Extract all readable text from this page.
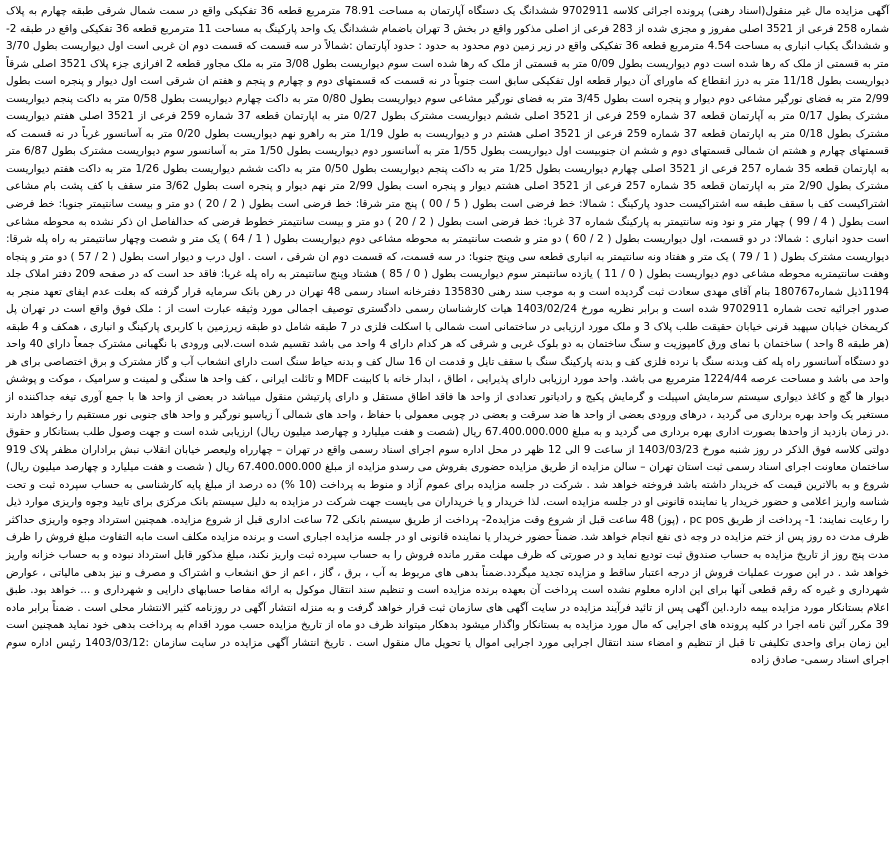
آگهی مزایده مال غیر منقول(اسناد رهنی) پرونده اجرائی کلاسه 9702911 ششدانگ یک دستگاه آپارتمان به مساحت 78.91 مترمربع قطعه 36 تفکیکی واقع در سمت شمال شرقی طبقه چهارم به پلاک شماره 258 فرعی از 3521 اصلی مفروز و مجزی شده از 283 فرعی از اصلی مذکور واقع در بخش 3 تهران باضمام ششدانگ یک واحد پارکینگ به مساحت 11 مترمربع قطعه 36 تفکیکی واقع در طبقه 2- و ششدانگ یکباب انباری به مساحت 4.54 مترمربع قطعه 36 تفکیکی واقع در زیر زمین دوم محدود به حدود : حدود آپارتمان :شمالاً در سه قسمت که قسمت دوم ان غربی است اول دیواریست بطول 3/70 متر به قسمتی از ملک که رها شده است دوم دیواریست بطول 0/09 متر به قسمتی از ملک که رها شده است سوم دیواریست بطول 3/08 متر به ملک مجاور قطعه 2 افرازی جزء پلاک 3521 اصلی شرقاً دیواریست بطول 11/18 متر به درز انقطاع که ماورای آن دیوار قطعه اول تفکیکی سابق است جنوباً در نه قسمت که قسمتهای دوم و چهارم و پنجم و هفتم ان شرقی است اول دیوار و پنجره است بطول 2/99 متر به فضای نورگیر مشاعی دوم دیوار و پنجره است بطول 3/45 متر به فضای نورگیر مشاعی سوم دیواریست بطول 0/80 متر به داکت چهارم دیواریست بطول 0/58 متر به داکت پنجم دیواریست مشترک بطول 0/17 متر به آپارتمان قطعه 37 شماره 259 فرعی از 3521 اصلی ششم دیواریست مشترک بطول 0/27 متر به اپارتمان قطعه 37 شماره 259 فرعی از 3521 اصلی هفتم دیواریست مشترک بطول 0/18 متر به اپارتمان قطعه 37 شماره 259 فرعی از 3521 اصلی هشتم در و دیواریست به طول 1/19 متر به راهرو نهم دیواریست بطول 0/20 متر به آسانسور غرباً در نه قسمت که قسمتهای چهارم و هشتم ان شمالی قسمتهای دوم و ششم ان جنوبیست اول دیواریست بطول 1/55 متر به آسانسور دوم دیواریست بطول 1/50 متر به آسانسور سوم دیواریست مشترک بطول 6/87 متر به اپارتمان قطعه 35 شماره 257 فرعی از 3521 اصلی چهارم دیواریست بطول 1/25 متر به داکت پنجم دیواریست بطول 0/50 متر به داکت ششم دیواریست بطول 1/26 متر به داکت هفتم دیواریست مشترک بطول 2/90 متر به اپارتمان قطعه 35 شماره 257 فرعی از 3521 اصلی هشتم دیوار و پنجره است بطول 2/99 متر نهم دیوار و پنجره است بطول 3/62 متر سقف با کف پشت بام مشاعی اشتراکیست کف با سقف طبقه سه اشتراکیست حدود پارکینگ : شمالا: خط فرضی است بطول ( 5 / 00 ) پنج متر شرقا: خط فرضی است بطول ( 2 / 20 ) دو متر و بیست سانتیمتر جنوبا: خط فرضی است بطول ( 4 / 99 ) چهار متر و نود ونه سانتیمتر به پارکینگ شماره 37 غربا: خط فرضی است بطول ( 2 / 20 ) دو متر و بیست سانتیمتر خطوط فرضی که حدالفاصل ان ذکر نشده به محوطه مشاعی است حدود انباری : شمالا: در دو قسمت، اول دیواریست بطول ( 2 / 60 ) دو متر و شصت سانتیمتر به محوطه مشاعی دوم دیواریست بطول ( 1 / 64 ) یک متر و شصت وچهار سانتیمتر به راه پله شرقا: دیواریست مشترک بطول ( 1 / 79 ) یک متر و هفتاد ونه سانتیمتر به انباری قطعه سی وپنج جنوبا: در سه قسمت، که قسمت دوم ان شرقی ، است . اول درب و دیوار است بطول ( 2 / 57 ) دو متر و پنجاه وهفت سانتیمتربه محوطه مشاعی دوم دیواریست بطول ( 0 / 11 ) یازده سانتیمتر سوم دیواریست بطول ( 0 / 85 ) هشتاد وپنج سانتیمتر به راه پله غربا: فاقد حد است که در صفحه 209 دفتر املاک جلد 1194ذیل شماره180767 بنام آقای مهدی سعادت ثبت گردیده است و به موجب سند رهنی 135830 دفترخانه اسناد رسمی 48 تهران در رهن بانک سرمایه قرار گرفته که بعلت عدم ایفای تعهد منجر به صدور اجرائیه تحت شماره 9702911 شده است و برابر نظریه مورخ 1403/02/24 هیات کارشناسان رسمی دادگستری توصیف اجمالی مورد وثیقه عبارت است از : ملک فوق واقع است در تهران پل کریمخان خیابان سپهبد قرنی خیابان حقیقت طلب پلاک 3 و ملک مورد ارزیابی در ساختمانی است شمالی با اسکلت فلزی در 7 طبقه شامل دو طبقه زیرزمین با کاربری پارکینگ و انباری ، همکف و 4 طبقه (هر طبقه 8 واحد ) ساختمان با نمای ورق کامپوزیت و سنگ ساختمان به دو بلوک غربی و شرقی که هر کدام دارای 4 واحد می باشد تقسیم شده است.لابی ورودی با نگهبانی مشترک جمعاً دارای 40 واحد دو دستگاه آسانسور راه پله کف وبدنه سنگ با نرده فلزی کف و بدنه پارکینگ سنگ با سقف تایل و قدمت ان 16 سال کف و بدنه حیاط سنگ است دارای انشعاب آب و گاز مشترک و برق اختصاصی برای هر واحد می باشد و مساحت عرصه 1224/44 مترمربع می باشد. واحد مورد ارزیابی دارای پذیرایی ، اطاق ، ابدار خانه با کابینت MDF و تائلت ایرانی ، کف واحد ها سنگی و لمینت و سرامیک ، موکت و پوشش دیوار ها گچ و کاغذ دیواری سیستم سرمایش اسپیلت و گرمایش پکیج و رادیاتور تعدادی از واحد ها فاقد اطاق مستقل و دارای پارتیشن منقول میباشد در بعضی از واحد ها با جمع آوری تیغه جداکننده از مستغیر یک واحد بهره برداری می گردید ، درهای ورودی بعضی از واحد ها ضد سرقت و بعضی در چوبی معمولی با حفاظ ، واحد های شمالی آ زیاسیو نورگیر و واحد های جنوبی نور مستقیم را رخواهد دارند .در زمان بازدید از واحدها بصورت اداری بهره برداری می گردید و به مبلغ 67.400.000.000 ریال (شصت و هفت میلیارد و چهارصد میلیون ریال) ارزیابی شده است و جهت وصول طلب بستانکار و حقوق دولتی کلاسه فوق الذکر در روز شنبه مورخ 1403/03/23 از ساعت 9 الی 12 ظهر در محل اداره سوم اجرای اسناد رسمی واقع در تهران – چهارراه ولیعصر خیابان انقلاب نبش براداران مظفر پلاک 919 ساختمان معاونت اجرای اسناد رسمی ثبت استان تهران – سالن مزایده از طریق مزایده حضوری بفروش می رسدو مزایده از مبلغ 67.400.000.000 ریال ( شصت و هفت میلیارد و چهارصد میلیون ریال) شروع و به بالاترین قیمت که خریدار داشته باشد فروخته خواهد شد . شرکت در جلسه مزایده برای عموم آزاد و منوط به پرداخت (10 %) ده درصد از مبلغ پایه کارشناسی به حساب سپرده ثبت و تحت شناسه واریز اعلامی و حضور خریدار یا نماینده قانونی او در جلسه مزایده است. لذا خریدار و یا خریداران می بایست جهت شرکت در مزایده به دلیل سیستم بانک مرکزی برای تایید وجوه واریزی موارد ذیل را رعایت نمایند: 1- پرداخت از طریق pc pos ، (پوز) 48 ساعت قبل از شروع وقت مزایده2- پرداخت از طریق سیستم بانکی 72 ساعت اداری قبل از شروع مزایده. همچنین استرداد وجوه واریزی حداکثر ظرف مدت ده روز پس از ختم مزایده در وجه ذی نفع انجام خواهد شد. ضمناً حضور خریدار یا نماینده قانونی او در جلسه مزایده اجباری است و برنده مزایده مکلف است مابه التفاوت مبلغ فروش را ظرف مدت پنج روز از تاریخ مزایده به حساب صندوق ثبت تودیع نماید و در صورتی که ظرف مهلت مقرر مانده فروش را به حساب سپرده ثبت واریز نکند، مبلغ مذکور قابل استرداد نبوده و به حساب خزانه واریز خواهد شد . در این صورت عملیات فروش از درجه اعتبار ساقط و مزایده تجدید میگردد.ضمناً بدهی های مربوط به آب ، برق ، گاز ، اعم از حق انشعاب و اشتراک و مصرف و نیز بدهی مالیاتی ، عوارض شهرداری و غیره که رقم قطعی آنها برای این اداره معلوم نشده است پرداخت آن بعهده برنده مزایده است و تنظیم سند انتقال موکول به ارائه مفاصا حسابهای دارایی و شهرداری و ... خواهد بود. طبق اعلام بستانکار مورد مزایده بیمه دارد.این آگهی پس از تائید فرآیند مزایده در سایت آگهی های سازمان ثبت قرار خواهد گرفت و به منزله انتشار آگهی در روزنامه کثیر الانتشار محلی است . ضمناً برابر ماده 39 مکرر آئین نامه اجرا در کلیه پرونده های اجرایی که مال مورد مزایده به بستانکار واگذار میشود بدهکار میتواند ظرف دو ماه از تاریخ مزایده حسب مورد اقدام به پرداخت بدهی خود نماید همچنین است این زمان برای واحدی تکلیفی تا قبل از تنظیم و امضاء سند انتقال اجرایی مورد اجرایی اموال یا تحویل مال منقول است . تاریخ انتشار آگهی مزایده در سایت سازمان :1403/03/12 رئیس اداره سوم اجرای اسناد رسمی- صادق زاده
